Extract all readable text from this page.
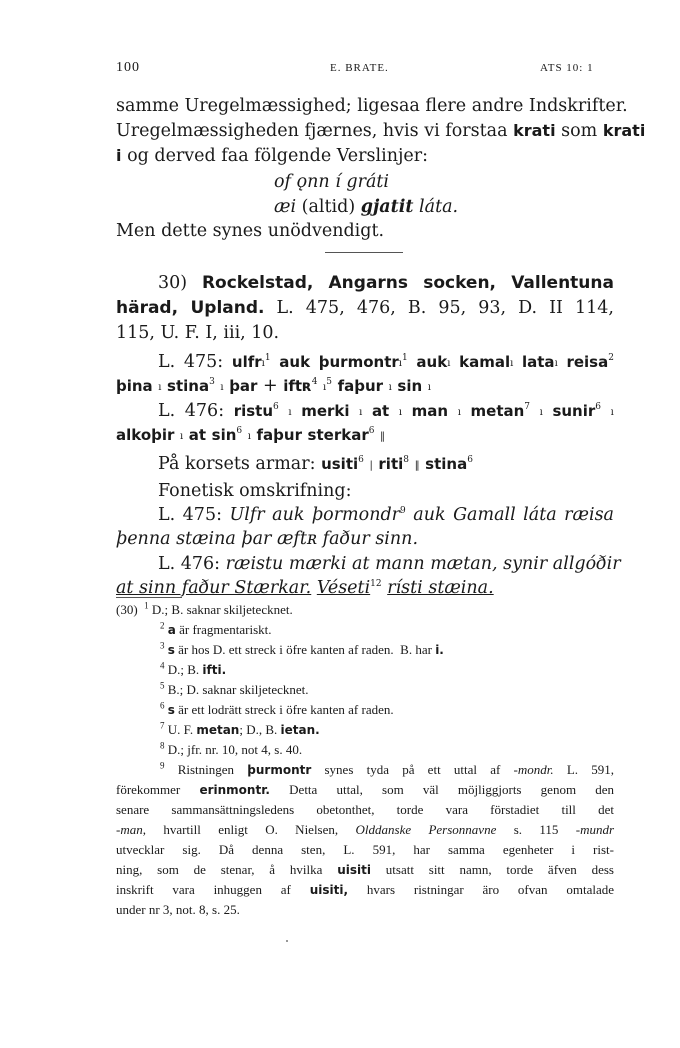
100	E. BRATE.	ATS 10: 1
samme Uregelmæssighed; ligesaa flere andre Indskrifter.
Uregelmæssigheden fjærnes, hvis vi forstaa krati som krati
i og derved faa fölgende Verslinjer:
of ǫnn í gráti
æi (altid) gjatit láta.
Men dette synes unödvendigt.
30) Rockelstad, Angarns socken, Vallentuna
härad, Upland. L. 475, 476, B. 95, 93, D. II 114,
115, U. F. I, iii, 10.
L. 475: ulfrı$^1$ auk þurmontrı$^1$ aukı kamalı lataı reisa$^2$
þina ı stina$^3$ ı þar + iftʀ$^4$ $ı^5$ faþur ı sin ı
L. 476: ristu$^6$ ı merki ı at ı man ı metan$^7$ ı sunir$^6$ ı
alkoþir ı at $\sin^6$ ı faþur sterkar$^6$ ‖
På korsets armar: usiti$^6$ | riti$^8$ ‖ stina$^6$
Fonetisk omskrifning:
L. 475: Ulfr auk þormondr$^9$ auk Gamall láta ræisa
þenna stæina þar æftʀ faður sinn.
L. 476: ræistu mærki at mann mætan, synir allgóðir
at sinn faður Stærkar. Véseti$^{12}$ rísti stæina.
(30) $^1$ D.; B. saknar skiljetecknet.
$^2$ a är fragmentariskt.
$^3$ s är hos D. ett streck i öfre kanten af raden. B. har i.
$^4$ D.; B. ifti.
$^5$ B.; D. saknar skiljetecknet.
$^6$ s är ett lodrätt streck i öfre kanten af raden.
$^7$ U. F. metan; D., B. ietan.
$^8$ D.; jfr. nr. 10, not 4, s. 40.
$^9$ Ristningen þurmontr synes tyda på ett uttal af -mondr. L. 591,
förekommer erinmontr. Detta uttal, som väl möjliggjorts genom den
senare sammansättningsledens obetonthet, torde vara förstadiet till det
-man, hvartill enligt O. Nielsen, Olddanske Personnavne s. 115 -mundr
utvecklar sig. Då denna sten, L. 591, har samma egenheter i rist-
ning, som de stenar, å hvilka uisiti utsatt sitt namn, torde äfven dess
inskrift vara inhuggen af uisiti, hvars ristningar äro ofvan omtalade
under nr 3, not. 8, s. 25.
